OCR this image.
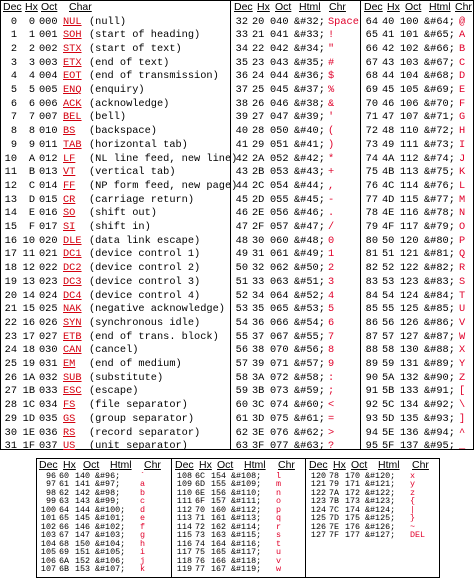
Dec Hx Oct Char	Dec Hx Oct Html Chr Dec Hx Oct Html Chr
0	0 000 NUL (null)
1	1 001 SOH (start of heading)
2	2 002 STX (start of text)
3	3 003 ETX (end of text)
4	4 004 EOT (end of transmission)
5	5 005 ENQ (enquiry)
6	6 006 ACK (acknowledge)
7	7 007 BEL (bell)
8	8 010 BS (backspace)
9	9 011 TAB (horizontal tab)
10	A 012 LF (NL line feed, new line)
11	B 013 VT (vertical tab)
12	C 014 FF (NP form feed, new page)
13	D 015 CR (carriage return)
14	E 016 SO (shift out)
15	F 017 SI (shift in)
16 10 020 DLE (data link escape)
17 11 021 DC1 (device control 1)
18 12 022 DC2 (device control 2)
19 13 023 DC3 (device control 3)
20 14 024 DC4 (device control 4)
21 15 025 NAK (negative acknowledge)
22 16 026 SYN (synchronous idle)
23 17 027 ETB (end of trans. block)
24 18 030 CAN (cancel)
25 19 031 EM (end of medium)
26 1A 032 SUB (substitute)
27 1B 033 ESC (escape)
28 1C 034 FS (file separator)
29 1D 035 GS (group separator)
30 1E 036 RS (record separator)
31 1F 037 US (unit separator)
32 20 040 &#32; Space
33 21 041 &#33; !
34 22 042 &#34; "
35 23 043 &#35; #
36 24 044 &#36; $
37 25 045 &#37; %
38 26 046 &#38; &
39 27 047 &#39; '
40 28 050 &#40; (
41 29 051 &#41; )
42 2A 052 &#42; *
43 2B 053 &#43; +
44 2C 054 &#44; ,
45 2D 055 &#45; -
46 2E 056 &#46; .
47 2F 057 &#47; /
48 30 060 &#48; 0
49 31 061 &#49; 1
50 32 062 &#50; 2
51 33 063 &#51; 3
52 34 064 &#52; 4
53 35 065 &#53; 5
54 36 066 &#54; 6
55 37 067 &#55; 7
56 38 070 &#56; 8
57 39 071 &#57; 9
58 3A 072 &#58; :
59 3B 073 &#59; ;
60 3C 074 &#60; <
61 3D 075 &#61; =
62 3E 076 &#62; >
63 3F 077 &#63; ?
64 40 100 &#64; @
65 41 101 &#65; A
66 42 102 &#66; B
67 43 103 &#67; C
68 44 104 &#68; D
69 45 105 &#69; E
70 46 106 &#70; F
71 47 107 &#71; G
72 48 110 &#72; H
73 49 111 &#73; I
74 4A 112 &#74; J
75 4B 113 &#75; K
76 4C 114 &#76; L
77 4D 115 &#77; M
78 4E 116 &#78; N
79 4F 117 &#79; O
80 50 120 &#80; P
81 51 121 &#81; Q
82 52 122 &#82; R
83 53 123 &#83; S
84 54 124 &#84; T
85 55 125 &#85; U
86 56 126 &#86; V
87 57 127 &#87; W
88 58 130 &#88; X
89 59 131 &#89; Y
90 5A 132 &#90; Z
91 5B 133 &#91; [
92 5C 134 &#92; \
93 5D 135 &#93; ]
94 5E 136 &#94; ^
95 5F 137 &#95; _
Dec Hx Oct Html Chr Dec Hx Oct Html Chr Dec Hx Oct Html Chr
96 60 140 &#96; `
97 61 141 &#97; a
98 62 142 &#98; b
99 63 143 &#99; c
100 64 144 &#100; d
101 65 145 &#101; e
102 66 146 &#102; f
103 67 147 &#103; g
104 68 150 &#104; h
105 69 151 &#105; i
106 6A 152 &#106; j
107 6B 153 &#107; k
108 6C 154 &#108; l
109 6D 155 &#109; m
110 6E 156 &#110; n
111 6F 157 &#111; o
112 70 160 &#112; p
113 71 161 &#113; q
114 72 162 &#114; r
115 73 163 &#115; s
116 74 164 &#116; t
117 75 165 &#117; u
118 76 166 &#118; v
119 77 167 &#119; w
120 78 170 &#120; x
121 79 171 &#121; y
122 7A 172 &#122; z
123 7B 173 &#123; {
124 7C 174 &#124; |
125 7D 175 &#125; }
126 7E 176 &#126; ~
127 7F 177 &#127; DEL
